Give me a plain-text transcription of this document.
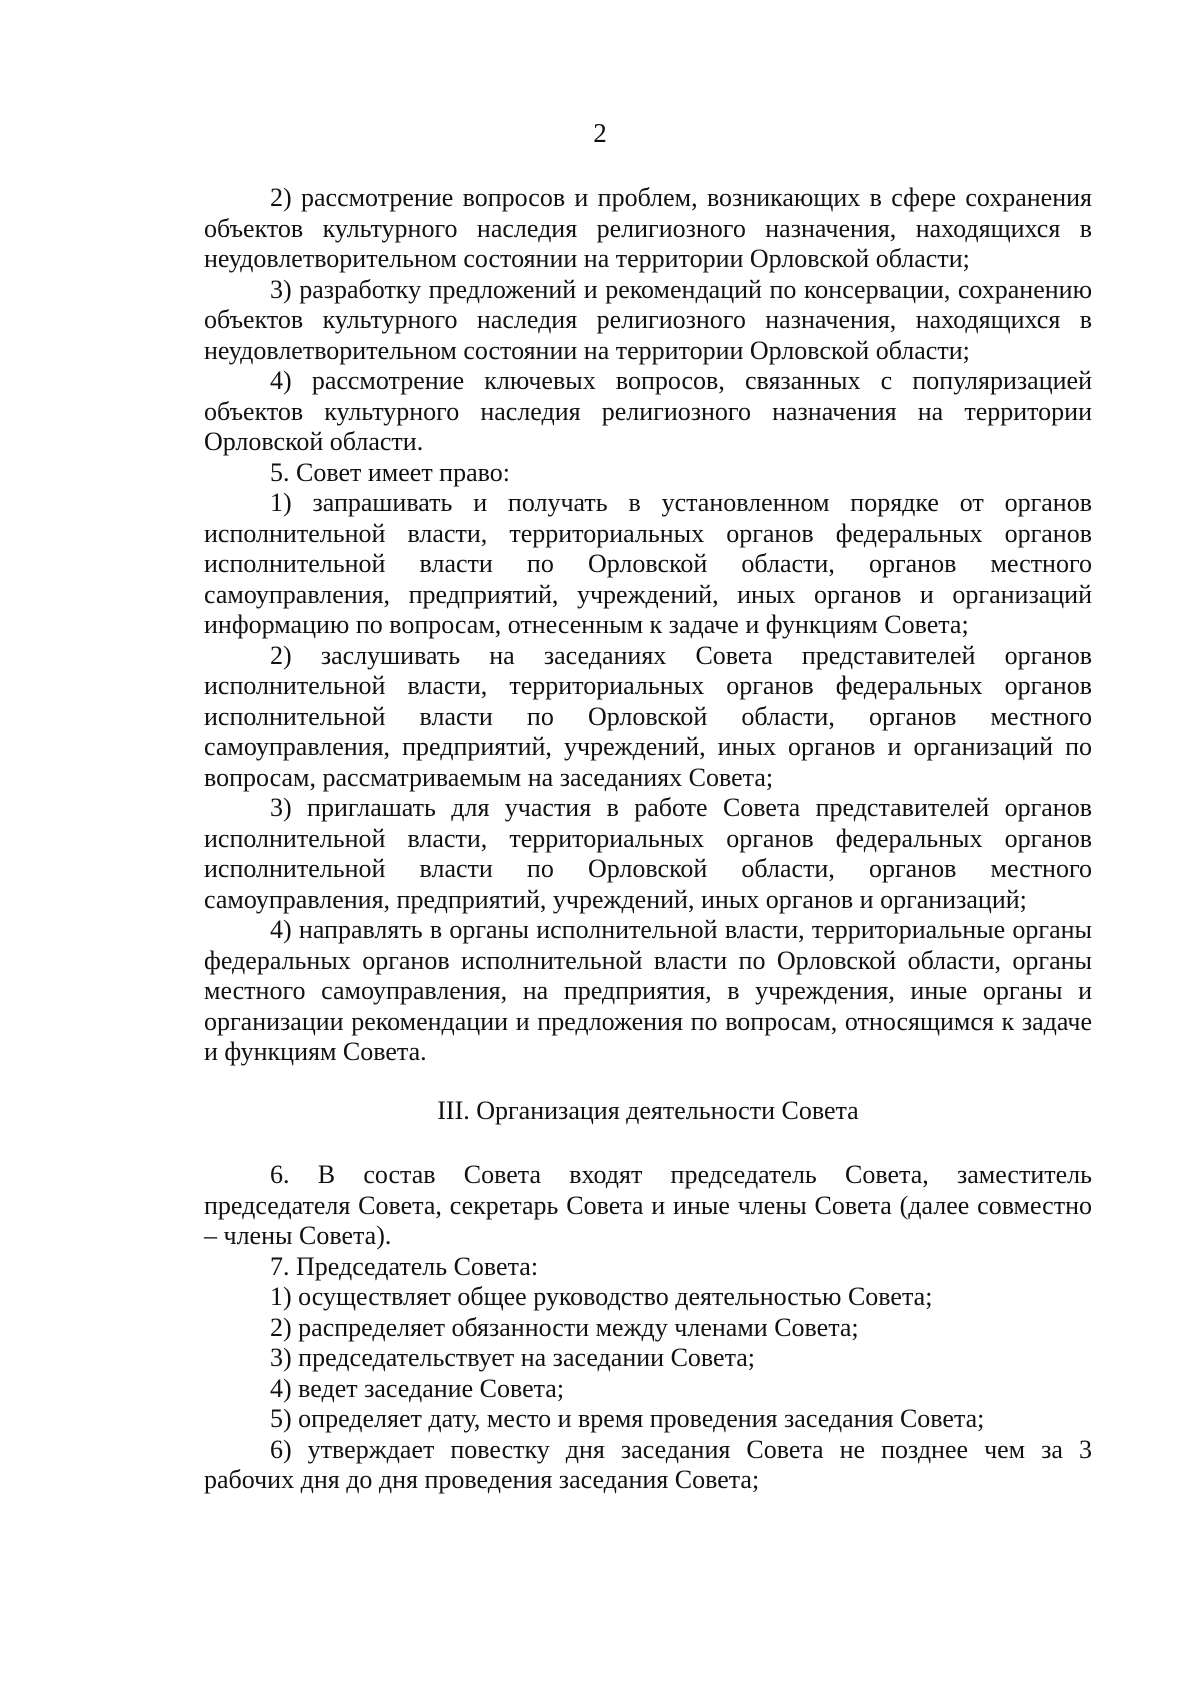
2

2) рассмотрение вопросов и проблем, возникающих в сфере сохранения объектов культурного наследия религиозного назначения, находящихся в неудовлетворительном состоянии на территории Орловской области;

3) разработку предложений и рекомендаций по консервации, сохранению объектов культурного наследия религиозного назначения, находящихся в неудовлетворительном состоянии на территории Орловской области;

4) рассмотрение ключевых вопросов, связанных с популяризацией объектов культурного наследия религиозного назначения на территории Орловской области.

5. Совет имеет право:

1) запрашивать и получать в установленном порядке от органов исполнительной власти, территориальных органов федеральных органов исполнительной власти по Орловской области, органов местного самоуправления, предприятий, учреждений, иных органов и организаций информацию по вопросам, отнесенным к задаче и функциям Совета;

2) заслушивать на заседаниях Совета представителей органов исполнительной власти, территориальных органов федеральных органов исполнительной власти по Орловской области, органов местного самоуправления, предприятий, учреждений, иных органов и организаций по вопросам, рассматриваемым на заседаниях Совета;

3) приглашать для участия в работе Совета представителей органов исполнительной власти, территориальных органов федеральных органов исполнительной власти по Орловской области, органов местного самоуправления, предприятий, учреждений, иных органов и организаций;

4) направлять в органы исполнительной власти, территориальные органы федеральных органов исполнительной власти по Орловской области, органы местного самоуправления, на предприятия, в учреждения, иные органы и организации рекомендации и предложения по вопросам, относящимся к задаче и функциям Совета.

III. Организация деятельности Совета

6. В состав Совета входят председатель Совета, заместитель председателя Совета, секретарь Совета и иные члены Совета (далее совместно – члены Совета).

7. Председатель Совета:

1) осуществляет общее руководство деятельностью Совета;

2) распределяет обязанности между членами Совета;

3) председательствует на заседании Совета;

4) ведет заседание Совета;

5) определяет дату, место и время проведения заседания Совета;

6) утверждает повестку дня заседания Совета не позднее чем за 3 рабочих дня до дня проведения заседания Совета;
